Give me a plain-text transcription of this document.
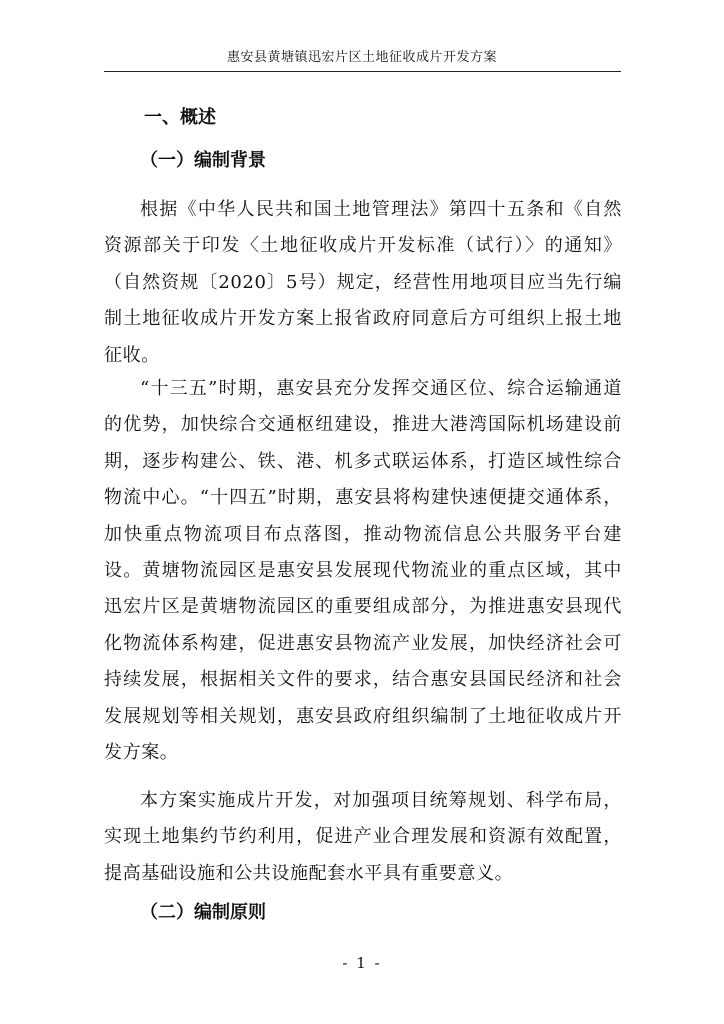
惠安县黄塘镇迅宏片区土地征收成片开发方案
一、概述
（一）编制背景

根据《中华人民共和国土地管理法》第四十五条和《自然资源部关于印发〈土地征收成片开发标准（试行）〉的通知》（自然资规〔2020〕5号）规定，经营性用地项目应当先行编制土地征收成片开发方案上报省政府同意后方可组织上报土地征收。

“十三五”时期，惠安县充分发挥交通区位、综合运输通道的优势，加快综合交通枢纽建设，推进大港湾国际机场建设前期，逐步构建公、铁、港、机多式联运体系，打造区域性综合物流中心。“十四五”时期，惠安县将构建快速便捷交通体系，加快重点物流项目布点落图，推动物流信息公共服务平台建设。黄塘物流园区是惠安县发展现代物流业的重点区域，其中迅宏片区是黄塘物流园区的重要组成部分，为推进惠安县现代化物流体系构建，促进惠安县物流产业发展，加快经济社会可持续发展，根据相关文件的要求，结合惠安县国民经济和社会发展规划等相关规划，惠安县政府组织编制了土地征收成片开发方案。

本方案实施成片开发，对加强项目统筹规划、科学布局，实现土地集约节约利用，促进产业合理发展和资源有效配置，提高基础设施和公共设施配套水平具有重要意义。

（二）编制原则
- 1 -
